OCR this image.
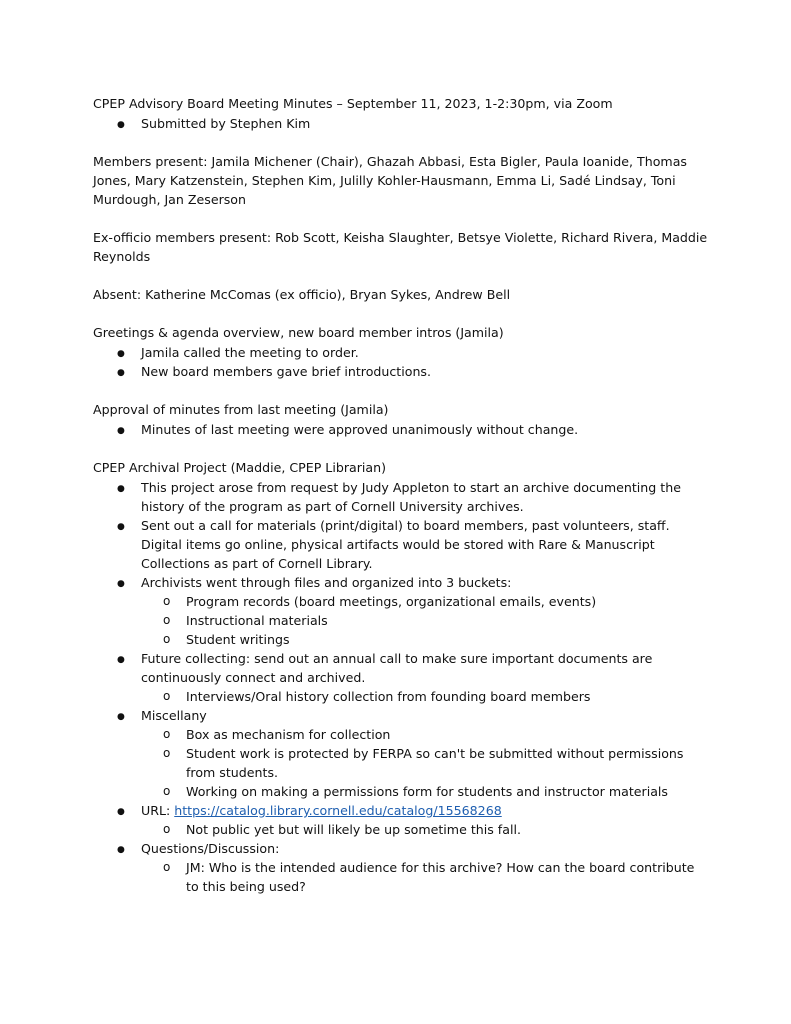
CPEP Advisory Board Meeting Minutes – September 11, 2023, 1-2:30pm, via Zoom
● Submitted by Stephen Kim
Members present: Jamila Michener (Chair), Ghazah Abbasi, Esta Bigler, Paula Ioanide, Thomas
Jones, Mary Katzenstein, Stephen Kim, Julilly Kohler-Hausmann, Emma Li, Sadé Lindsay, Toni
Murdough, Jan Zeserson
Ex-officio members present: Rob Scott, Keisha Slaughter, Betsye Violette, Richard Rivera, Maddie
Reynolds
Absent: Katherine McComas (ex officio), Bryan Sykes, Andrew Bell
Greetings & agenda overview, new board member intros (Jamila)
● Jamila called the meeting to order.
● New board members gave brief introductions.
Approval of minutes from last meeting (Jamila)
● Minutes of last meeting were approved unanimously without change.
CPEP Archival Project (Maddie, CPEP Librarian)
● This project arose from request by Judy Appleton to start an archive documenting the
history of the program as part of Cornell University archives.
● Sent out a call for materials (print/digital) to board members, past volunteers, staff.
Digital items go online, physical artifacts would be stored with Rare & Manuscript
Collections as part of Cornell Library.
● Archivists went through files and organized into 3 buckets:
o Program records (board meetings, organizational emails, events)
o Instructional materials
o Student writings
● Future collecting: send out an annual call to make sure important documents are
continuously connect and archived.
o Interviews/Oral history collection from founding board members
● Miscellany
o Box as mechanism for collection
o Student work is protected by FERPA so can't be submitted without permissions
from students.
o Working on making a permissions form for students and instructor materials
● URL: https://catalog.library.cornell.edu/catalog/15568268
o Not public yet but will likely be up sometime this fall.
● Questions/Discussion:
o JM: Who is the intended audience for this archive? How can the board contribute
to this being used?
